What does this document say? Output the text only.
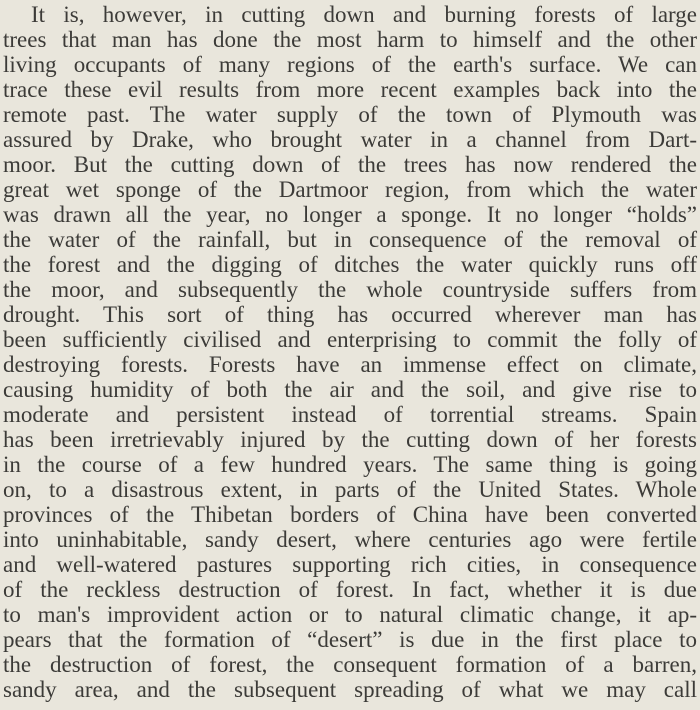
It is, however, in cutting down and burning forests of large
trees that man has done the most harm to himself and the other
living occupants of many regions of the earth's surface. We can
trace these evil results from more recent examples back into the
remote past. The water supply of the town of Plymouth was
assured by Drake, who brought water in a channel from Dart-
moor. But the cutting down of the trees has now rendered the
great wet sponge of the Dartmoor region, from which the water
was drawn all the year, no longer a sponge. It no longer “holds”
the water of the rainfall, but in consequence of the removal of
the forest and the digging of ditches the water quickly runs off
the moor, and subsequently the whole countryside suffers from
drought. This sort of thing has occurred wherever man has
been sufficiently civilised and enterprising to commit the folly of
destroying forests. Forests have an immense effect on climate,
causing humidity of both the air and the soil, and give rise to
moderate and persistent instead of torrential streams. Spain
has been irretrievably injured by the cutting down of her forests
in the course of a few hundred years. The same thing is going
on, to a disastrous extent, in parts of the United States. Whole
provinces of the Thibetan borders of China have been converted
into uninhabitable, sandy desert, where centuries ago were fertile
and well-watered pastures supporting rich cities, in consequence
of the reckless destruction of forest. In fact, whether it is due
to man's improvident action or to natural climatic change, it ap-
pears that the formation of “desert” is due in the first place to
the destruction of forest, the consequent formation of a barren,
sandy area, and the subsequent spreading of what we may call
